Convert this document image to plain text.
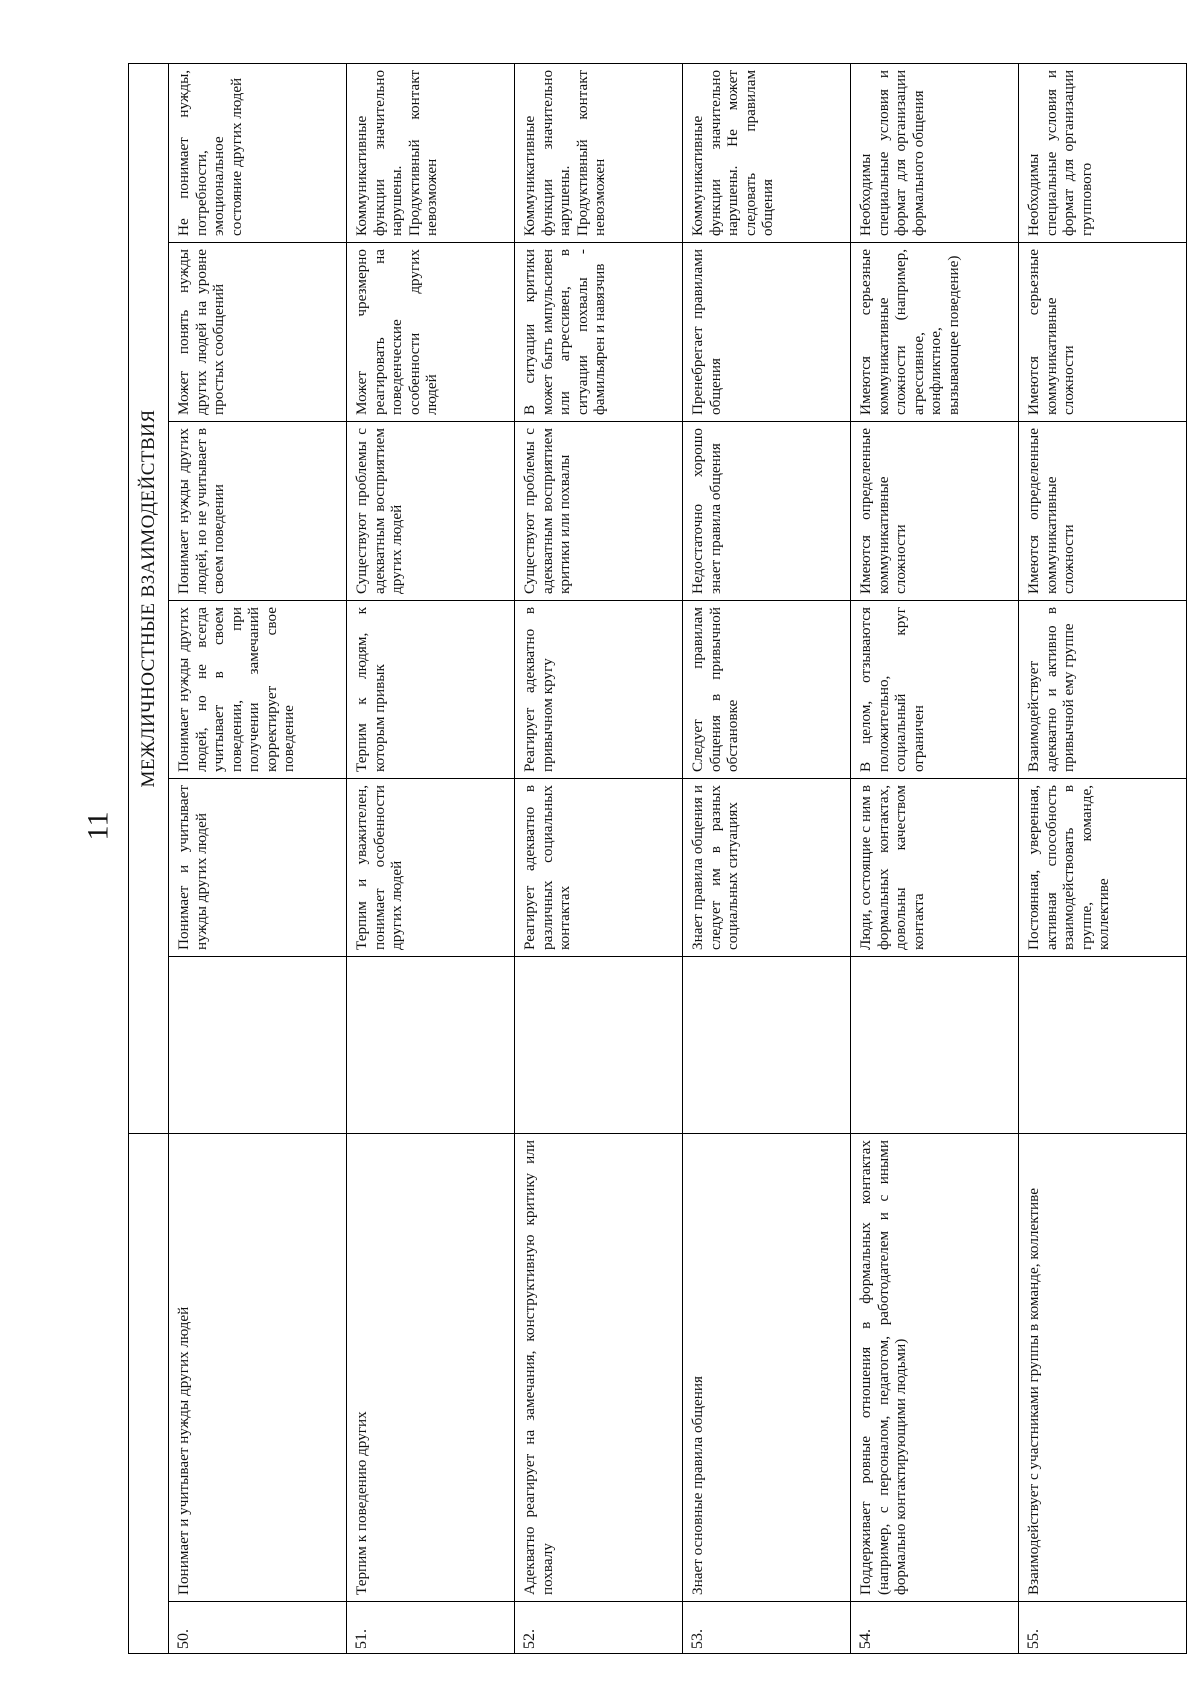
11
		МЕЖЛИЧНОСТНЫЕ ВЗАИМОДЕЙСТВИЯ					
50.	Понимает и учитывает нужды других людей		Понимает и учитывает нужды других людей	Понимает нужды других людей, но не всегда учитывает в своем поведении, при получении замечаний корректирует свое поведение	Понимает нужды других людей, но не учитывает в своем поведении	Может понять нужды других людей на уровне простых сообщений	Не понимает нужды, потребности, эмоциональное состояние других людей
51.	Терпим к поведению других		Терпим и уважителен, понимает особенности других людей	Терпим к людям, к которым привык	Существуют проблемы с адекватным восприятием других людей	Может чрезмерно реагировать на поведенческие особенности других людей	Коммуникативные функции значительно нарушены. Продуктивный контакт невозможен
52.	Адекватно реагирует на замечания, конструктивную критику или похвалу		Реагирует адекватно в различных социальных контактах	Реагирует адекватно в привычном кругу	Существуют проблемы с адекватным восприятием критики или похвалы	В ситуации критики может быть импульсивен или агрессивен, в ситуации похвалы - фамильярен и навязчив	Коммуникативные функции значительно нарушены. Продуктивный контакт невозможен
53.	Знает основные правила общения		Знает правила общения и следует им в разных социальных ситуациях	Следует правилам общения в привычной обстановке	Недостаточно хорошо знает правила общения	Пренебрегает правилами общения	Коммуникативные функции значительно нарушены. Не может следовать правилам общения
54.	Поддерживает ровные отношения в формальных контактах (например, с персоналом, педагогом, работодателем и с иными формально контактирующими людьми)		Люди, состоящие с ним в формальных контактах, довольны качеством контакта	В целом, отзываются положительно, социальный круг ограничен	Имеются определенные коммуникативные сложности	Имеются серьезные коммуникативные сложности (например, агрессивное, конфликтное, вызывающее поведение)	Необходимы специальные условия и формат для организации формального общения
55.	Взаимодействует с участниками группы в команде, коллективе		Постоянная, уверенная, активная способность взаимодействовать в группе, команде, коллективе	Взаимодействует адекватно и активно в привычной ему группе	Имеются определенные коммуникативные сложности	Имеются серьезные коммуникативные сложности	Необходимы специальные условия и формат для организации группового
